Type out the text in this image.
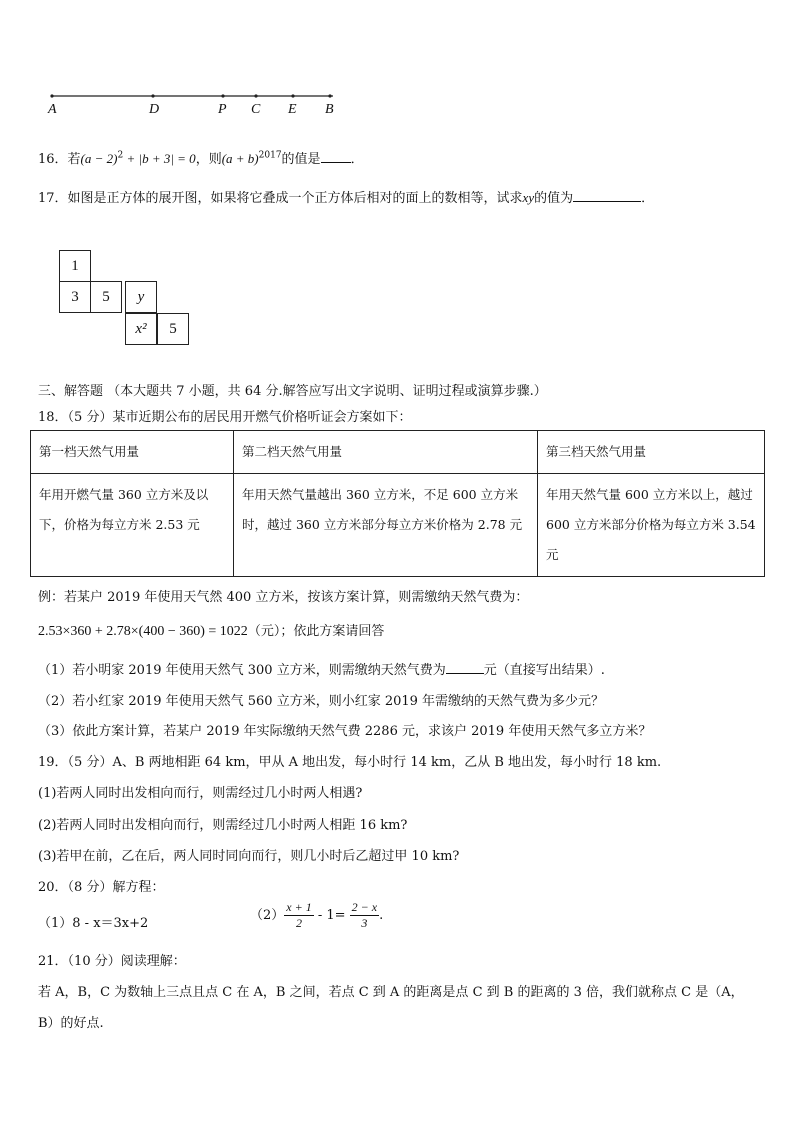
A	D	P C E B
16．若$(a - 2)^2 + |b + 3| = 0$，则$(a + b)^{2017}$的值是 ．
17．如图是正方体的展开图，如果将它叠成一个正方体后相对的面上的数相等，试求xy的值为	．
1
3	5	y
x²	5
三、解答题 （本大题共 7 小题，共 64 分.解答应写出文字说明、证明过程或演算步骤.）
18．（5 分）某市近期公布的居民用开燃气价格听证会方案如下：
第一档天然气用量	第二档天然气用量	第三档天然气用量
年用开燃气量 360 立方米及以下，价格为每立方米 2.53 元	年用天然气量越出 360 立方米，不足 600 立方米时，越过 360 立方米部分每立方米价格为 2.78 元	年用天然气量 600 立方米以上，越过 600 立方米部分价格为每立方米 3.54 元
例：若某户 2019 年使用天气然 400 立方米，按该方案计算，则需缴纳天然气费为：
2.53×360 + 2.78×(400 − 360) = 1022（元）；依此方案请回答
（1）若小明家 2019 年使用天然气 300 立方米，则需缴纳天然气费为	元（直接写出结果）.
（2）若小红家 2019 年使用天然气 560 立方米，则小红家 2019 年需缴纳的天然气费为多少元？
（3）依此方案计算，若某户 2019 年实际缴纳天然气费 2286 元，求该户 2019 年使用天然气多立方米？
19．（5 分）A、B 两地相距 64 km，甲从 A 地出发，每小时行 14 km，乙从 B 地出发，每小时行 18 km.
(1)若两人同时出发相向而行，则需经过几小时两人相遇?
(2)若两人同时出发相向而行，则需经过几小时两人相距 16 km?
(3)若甲在前，乙在后，两人同时同向而行，则几小时后乙超过甲 10 km?
20．（8 分）解方程：
（1）8 - x＝3x+2
$(2) \frac{x + 1}{2} - 1= \frac{2 - x}{3}$ .
21．（10 分）阅读理解：
若 A，B，C 为数轴上三点且点 C 在 A，B 之间，若点 C 到 A 的距离是点 C 到 B 的距离的 3 倍，我们就称点 C 是（A，
B）的好点.
